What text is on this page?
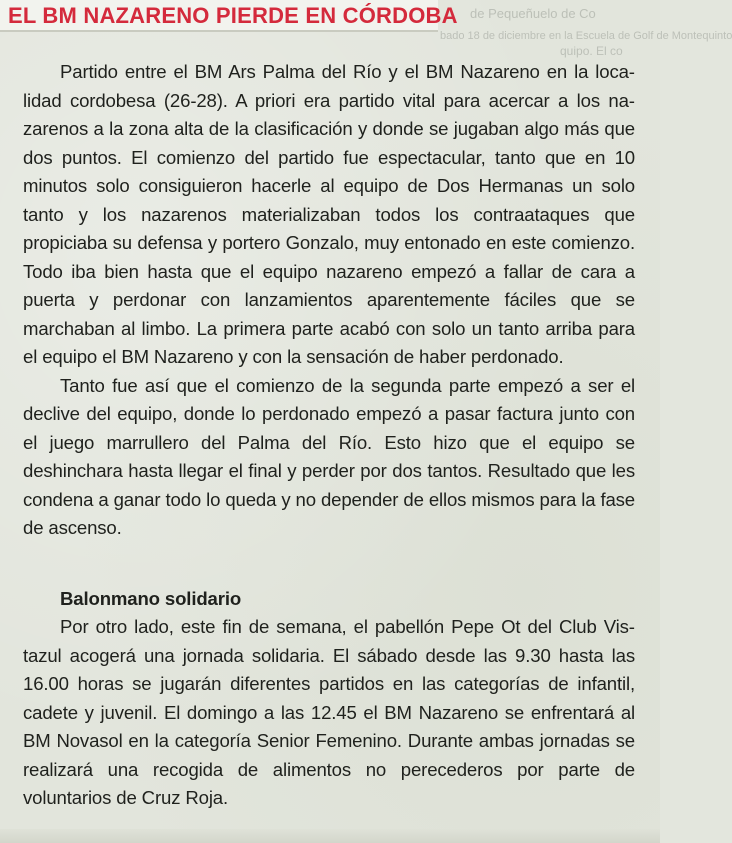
de Pequeñuelo de Co
bado 18 de diciembre en la Escuela de Golf de Montequinto
quipo. El co
EL BM NAZARENO PIERDE EN CÓRDOBA

Partido entre el BM Ars Palma del Río y el BM Nazareno en la localidad cordobesa (26-28). A priori era partido vital para acercar a los nazarenos a la zona alta de la clasificación y donde se jugaban algo más que dos puntos. El comienzo del partido fue espectacular, tanto que en 10 minutos solo consiguieron hacerle al equipo de Dos Hermanas un solo tanto y los nazarenos materializaban todos los contraataques que propiciaba su defensa y portero Gonzalo, muy entonado en este comienzo. Todo iba bien hasta que el equipo nazareno empezó a fallar de cara a puerta y perdonar con lanzamientos aparentemente fáciles que se marchaban al limbo. La primera parte acabó con solo un tanto arriba para el equipo el BM Nazareno y con la sensación de haber perdonado.

Tanto fue así que el comienzo de la segunda parte empezó a ser el declive del equipo, donde lo perdonado empezó a pasar factura junto con el juego marrullero del Palma del Río. Esto hizo que el equipo se deshinchara hasta llegar el final y perder por dos tantos. Resultado que les condena a ganar todo lo queda y no depender de ellos mismos para la fase de ascenso.

Balonmano solidario

Por otro lado, este fin de semana, el pabellón Pepe Ot del Club Vistazul acogerá una jornada solidaria. El sábado desde las 9.30 hasta las 16.00 horas se jugarán diferentes partidos en las categorías de infantil, cadete y juvenil. El domingo a las 12.45 el BM Nazareno se enfrentará al BM Novasol en la categoría Senior Femenino. Durante ambas jornadas se realizará una recogida de alimentos no perecederos por parte de voluntarios de Cruz Roja.
